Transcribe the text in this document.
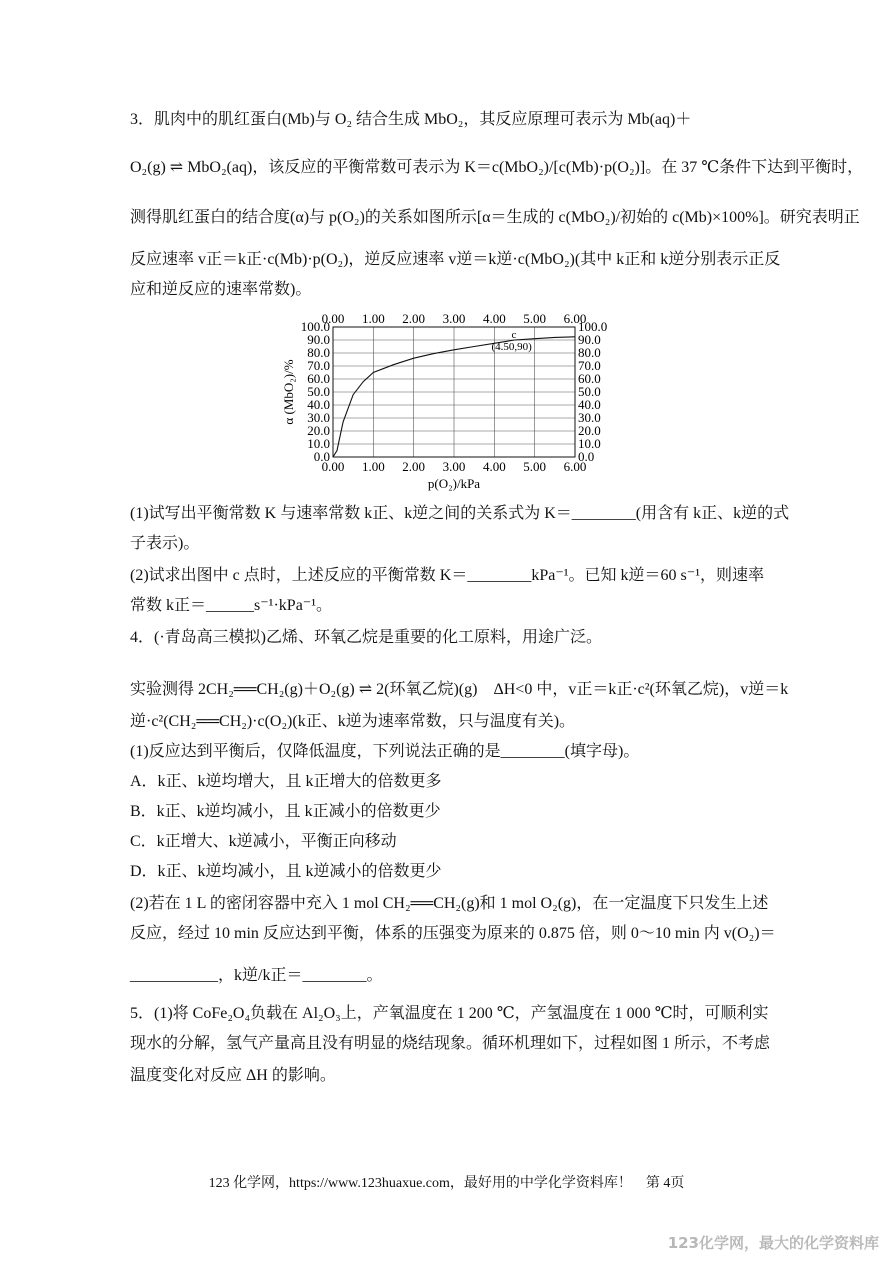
3．肌肉中的肌红蛋白(Mb)与 O₂ 结合生成 MbO₂，其反应原理可表示为 Mb(aq)＋
O₂(g) ⇌ MbO₂(aq)，该反应的平衡常数可表示为 K＝c(MbO₂)/[c(Mb)·p(O₂)]。在 37 ℃条件下达到平衡时，
测得肌红蛋白的结合度(α)与 p(O₂)的关系如图所示[α＝生成的 c(MbO₂)/初始的 c(Mb)×100%]。研究表明正
反应速率 v正＝k正·c(Mb)·p(O₂)，逆反应速率 v逆＝k逆·c(MbO₂)(其中 k正和 k逆分别表示正反
应和逆反应的速率常数)。
(1)试写出平衡常数 K 与速率常数 k正、k逆之间的关系式为 K＝________(用含有 k正、k逆的式
子表示)。
(2)试求出图中 c 点时，上述反应的平衡常数 K＝________kPa⁻¹。已知 k逆＝60 s⁻¹，则速率
常数 k正＝______s⁻¹·kPa⁻¹。
4．(·青岛高三模拟)乙烯、环氧乙烷是重要的化工原料，用途广泛。
实验测得 2CH₂══CH₂(g)＋O₂(g) ⇌ 2(环氧乙烷)(g)　ΔH<0 中，v正＝k正·c²(环氧乙烷)，v逆＝k
逆·c²(CH₂══CH₂)·c(O₂)(k正、k逆为速率常数，只与温度有关)。
(1)反应达到平衡后，仅降低温度，下列说法正确的是________(填字母)。
A．k正、k逆均增大，且 k正增大的倍数更多
B．k正、k逆均减小，且 k正减小的倍数更少
C．k正增大、k逆减小，平衡正向移动
D．k正、k逆均减小，且 k逆减小的倍数更少
(2)若在 1 L 的密闭容器中充入 1 mol CH₂══CH₂(g)和 1 mol O₂(g)，在一定温度下只发生上述
反应，经过 10 min 反应达到平衡，体系的压强变为原来的 0.875 倍，则 0～10 min 内 v(O₂)＝
___________，k逆/k正＝________。
5．(1)将 CoFe₂O₄负载在 Al₂O₃上，产氧温度在 1 200 ℃，产氢温度在 1 000 ℃时，可顺利实
现水的分解，氢气产量高且没有明显的烧结现象。循环机理如下，过程如图 1 所示，不考虑
温度变化对反应 ΔH 的影响。
0.00
0.00
1.00
1.00
2.00
2.00
3.00
3.00
4.00
4.00
5.00
5.00
6.00
6.00
0.0	0.0
10.0	10.0
20.0	20.0
30.0	30.0
40.0	40.0
50.0	50.0
60.0	60.0
70.0	70.0
80.0	80.0
90.0	90.0
100.0	100.0
c
(4.50,90)
p(O₂)/kPa
α (MbO₂)/%
123 化学网，https://www.123huaxue.com，最好用的中学化学资料库！　第 4页
123化学网，最大的化学资料库
